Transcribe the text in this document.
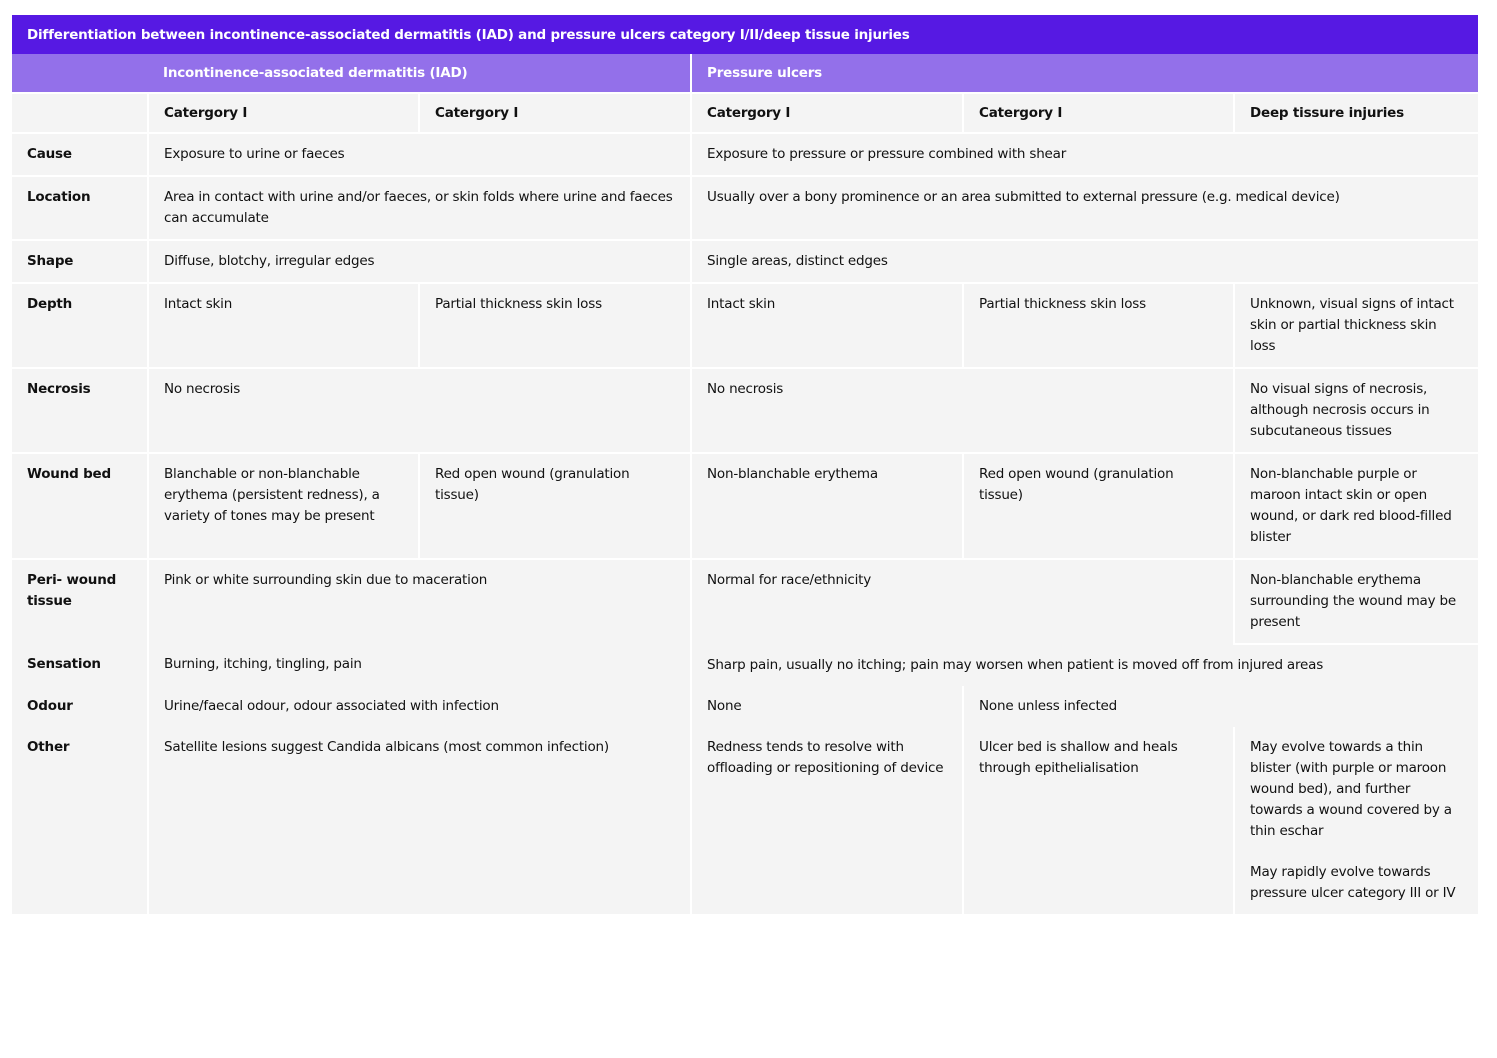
Differentiation between incontinence-associated dermatitis (IAD) and pressure ulcers category I/II/deep tissue injuries
	Incontinence-associated dermatitis (IAD)		Pressure ulcers		
	Catergory I	Catergory I	Catergory I	Catergory I	Deep tissure injuries
Cause	Exposure to urine or faeces		Exposure to pressure or pressure combined with shear		
Location	Area in contact with urine and/or faeces, or skin folds where urine and faeces can accumulate		Usually over a bony prominence or an area submitted to external pressure (e.g. medical device)		
Shape	Diffuse, blotchy, irregular edges		Single areas, distinct edges		
Depth	Intact skin	Partial thickness skin loss	Intact skin	Partial thickness skin loss	Unknown, visual signs of intact skin or partial thickness skin loss
Necrosis	No necrosis		No necrosis		No visual signs of necrosis, although necrosis occurs in subcutaneous tissues
Wound bed	Blanchable or non-blanchable erythema (persistent redness), a variety of tones may be present	Red open wound (granulation tissue)	Non-blanchable erythema	Red open wound (granulation tissue)	Non-blanchable purple or maroon intact skin or open wound, or dark red blood-filled blister
Peri- wound tissue	Pink or white surrounding skin due to maceration		Normal for race/ethnicity		Non-blanchable erythema surrounding the wound may be present
Sensation	Burning, itching, tingling, pain		Sharp pain, usually no itching; pain may worsen when patient is moved off from injured areas		
Odour	Urine/faecal odour, odour associated with infection		None	None unless infected	
Other	Satellite lesions suggest Candida albicans (most common infection)		Redness tends to resolve with offloading or repositioning of device	Ulcer bed is shallow and heals through epithelialisation	May evolve towards a thin blister (with purple or maroon wound bed), and further towards a wound covered by a thin eschar
May rapidly evolve towards pressure ulcer category III or IV
